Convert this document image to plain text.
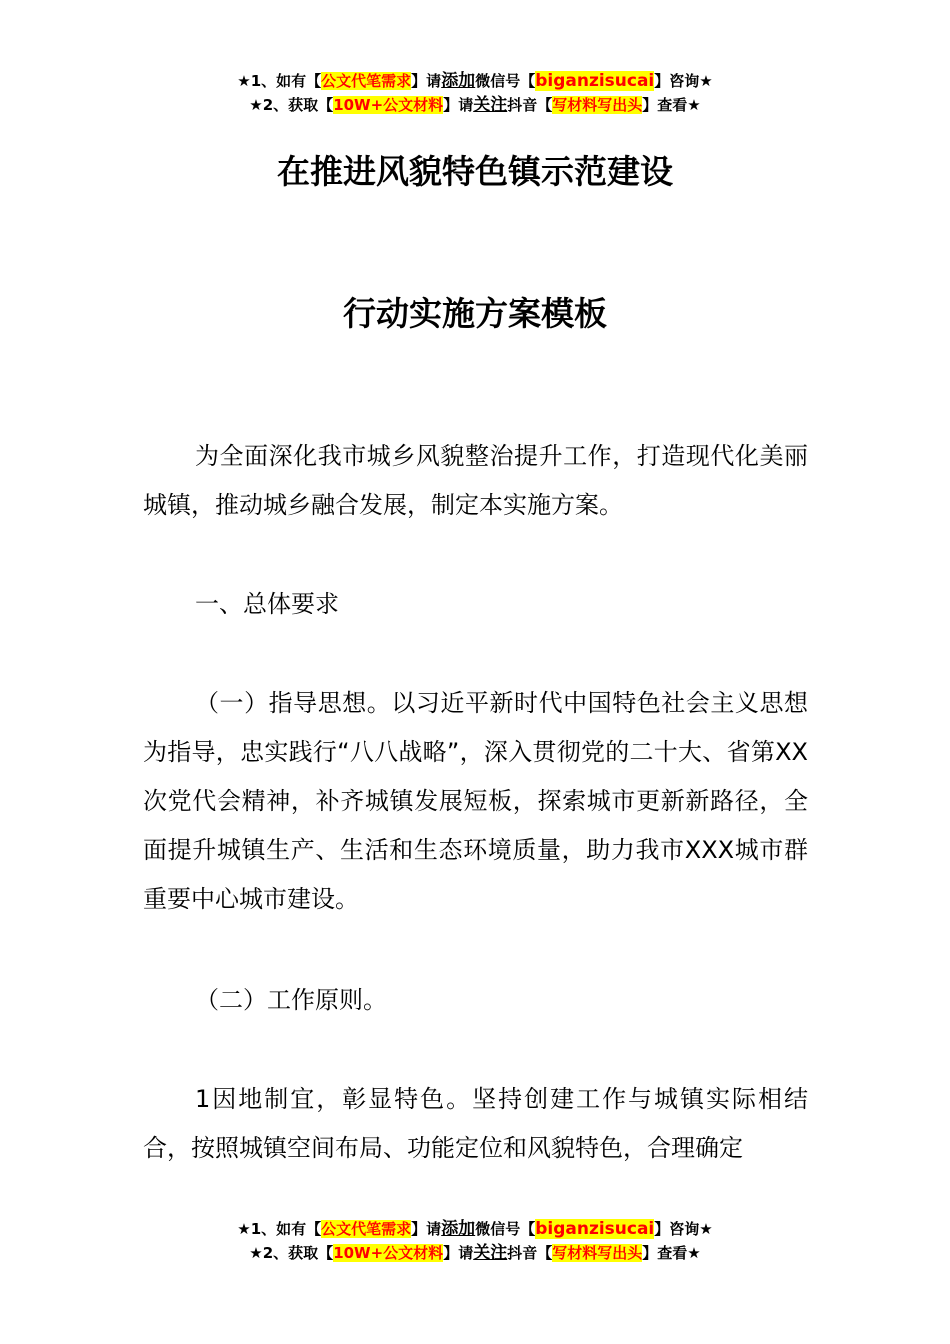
★1、如有【公文代笔需求】请添加微信号【biganzisucai】咨询★
★2、获取【10W+公文材料】请关注抖音【写材料写出头】查看★
在推进风貌特色镇示范建设
行动实施方案模板

为全面深化我市城乡风貌整治提升工作，打造现代化美丽城镇，推动城乡融合发展，制定本实施方案。

一、总体要求

（一）指导思想。以习近平新时代中国特色社会主义思想为指导，忠实践行“八八战略”，深入贯彻党的二十大、省第XX次党代会精神，补齐城镇发展短板，探索城市更新新路径，全面提升城镇生产、生活和生态环境质量，助力我市XXX城市群重要中心城市建设。

（二）工作原则。

1因地制宜，彰显特色。坚持创建工作与城镇实际相结合，按照城镇空间布局、功能定位和风貌特色，合理确定

★1、如有【公文代笔需求】请添加微信号【biganzisucai】咨询★
★2、获取【10W+公文材料】请关注抖音【写材料写出头】查看★
